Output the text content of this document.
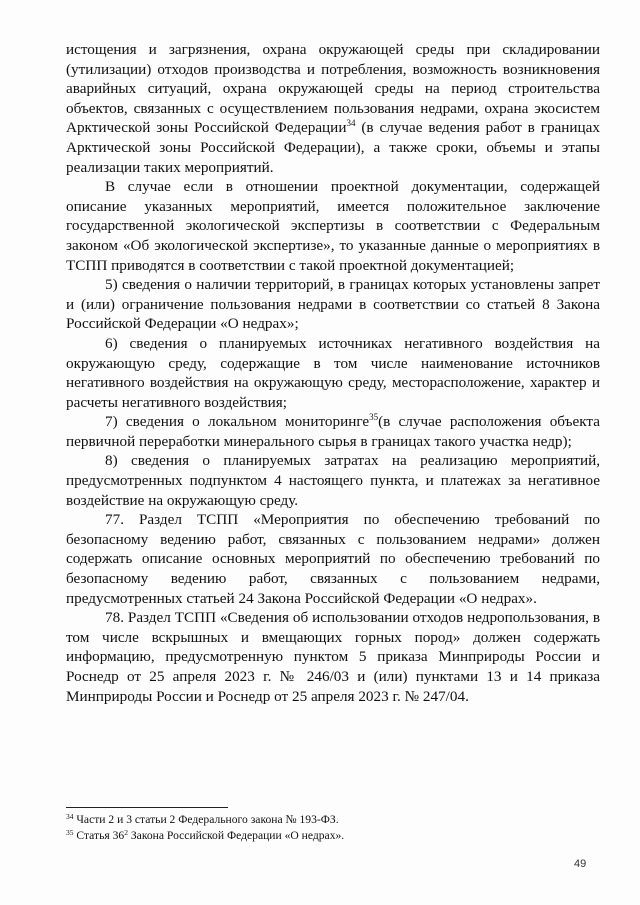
истощения и загрязнения, охрана окружающей среды при складировании (утилизации) отходов производства и потребления, возможность возникновения аварийных ситуаций, охрана окружающей среды на период строительства объектов, связанных с осуществлением пользования недрами, охрана экосистем Арктической зоны Российской Федерации$^{34}$ (в случае ведения работ в границах Арктической зоны Российской Федерации), а также сроки, объемы и этапы реализации таких мероприятий.

В случае если в отношении проектной документации, содержащей описание указанных мероприятий, имеется положительное заключение государственной экологической экспертизы в соответствии с Федеральным законом «Об экологической экспертизе», то указанные данные о мероприятиях в ТСПП приводятся в соответствии с такой проектной документацией;

5) сведения о наличии территорий, в границах которых установлены запрет и (или) ограничение пользования недрами в соответствии со статьей 8 Закона Российской Федерации «О недрах»;

6) сведения о планируемых источниках негативного воздействия на окружающую среду, содержащие в том числе наименование источников негативного воздействия на окружающую среду, месторасположение, характер и расчеты негативного воздействия;

7) сведения о локальном мониторинге$^{35}$(в случае расположения объекта первичной переработки минерального сырья в границах такого участка недр);

8) сведения о планируемых затратах на реализацию мероприятий, предусмотренных подпунктом 4 настоящего пункта, и платежах за негативное воздействие на окружающую среду.

77. Раздел ТСПП «Мероприятия по обеспечению требований по безопасному ведению работ, связанных с пользованием недрами» должен содержать описание основных мероприятий по обеспечению требований по безопасному ведению работ, связанных с пользованием недрами, предусмотренных статьей 24 Закона Российской Федерации «О недрах».

78. Раздел ТСПП «Сведения об использовании отходов недропользования, в том числе вскрышных и вмещающих горных пород» должен содержать информацию, предусмотренную пунктом 5 приказа Минприроды России и Роснедр от 25 апреля 2023 г. № 246/03 и (или) пунктами 13 и 14 приказа Минприроды России и Роснедр от 25 апреля 2023 г. № 247/04.

$^{34}$ Части 2 и 3 статьи 2 Федерального закона № 193-ФЗ.
$^{35}$ Статья $36^2$ Закона Российской Федерации «О недрах».
49
